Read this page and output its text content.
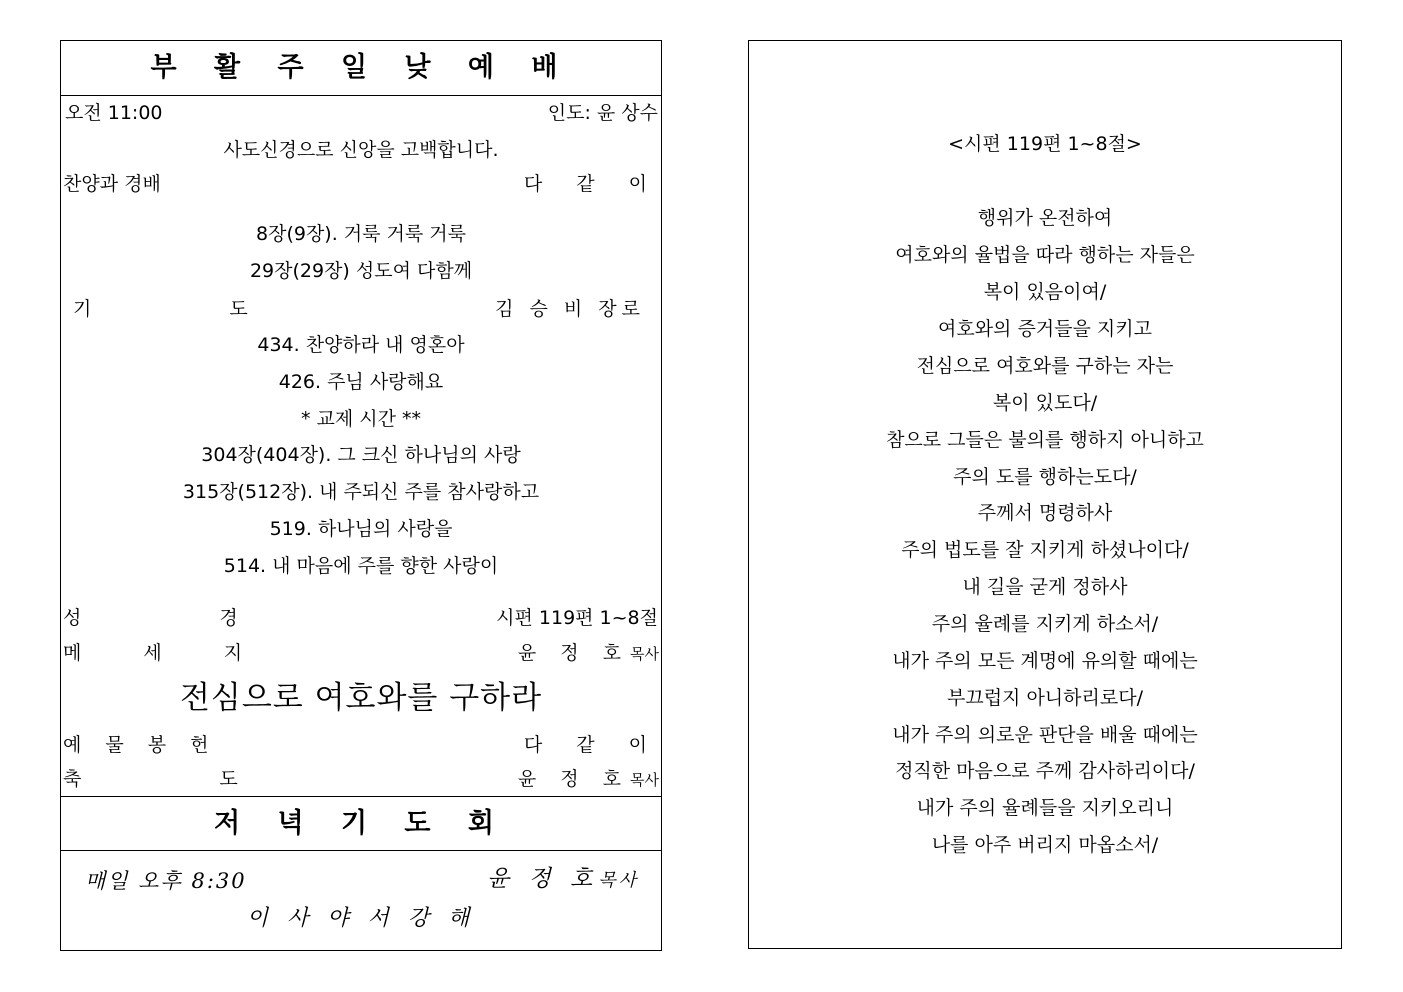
부 활 주 일 낮 예 배
오전 11:00	인도: 윤 상수
사도신경으로 신앙을 고백합니다.
찬양과 경배	다 같 이
8장(9장). 거룩 거룩 거룩
29장(29장) 성도여 다함께
기 도	김 승 비 장로
434. 찬양하라 내 영혼아
426. 주님 사랑해요
* 교제 시간 **
304장(404장). 그 크신 하나님의 사랑
315장(512장). 내 주되신 주를 참사랑하고
519. 하나님의 사랑을
514. 내 마음에 주를 향한 사랑이
성 경	시편 119편 1~8절
메 세 지	윤 정 호목사
전심으로 여호와를 구하라
예 물 봉 헌	다 같 이
축 도	윤 정 호목사
저 녁 기 도 회
매일 오후 8:30	윤 정 호목사
이 사 야 서 강 해
<시편 119편 1~8절>
행위가 온전하여
여호와의 율법을 따라 행하는 자들은
복이 있음이여/
여호와의 증거들을 지키고
전심으로 여호와를 구하는 자는
복이 있도다/
참으로 그들은 불의를 행하지 아니하고
주의 도를 행하는도다/
주께서 명령하사
주의 법도를 잘 지키게 하셨나이다/
내 길을 굳게 정하사
주의 율례를 지키게 하소서/
내가 주의 모든 계명에 유의할 때에는
부끄럽지 아니하리로다/
내가 주의 의로운 판단을 배울 때에는
정직한 마음으로 주께 감사하리이다/
내가 주의 율례들을 지키오리니
나를 아주 버리지 마옵소서/
